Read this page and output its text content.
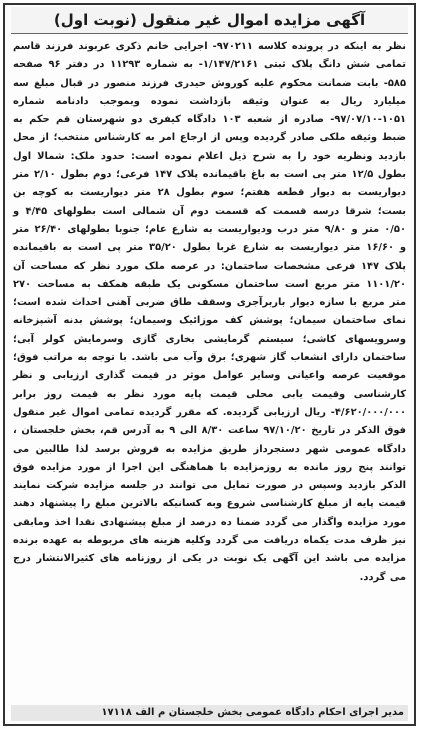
آگهی مزایده اموال غیر منقول (نوبت اول)

نظر به اینکه در پرونده کلاسه ۹۷۰۲۱۱- اجرایی خانم ذکری عربوند فرزند قاسم تمامی شش دانگ پلاک ثبتی ۱/۱۴۷/۲۱۶۱- به شماره ۱۱۲۹۳ در دفتر ۹۶ صفحه ۵۸۵- بابت ضمانت محکوم علیه کوروش حیدری فرزند منصور در قبال مبلغ سه میلیارد ریال به عنوان وثیقه بازداشت نموده وبموجب دادنامه شماره ۱۰۵۱-۹۷/۰۷/۱۰- صادره از شعبه ۱۰۳ دادگاه کیفری دو شهرستان قم حکم به ضبط وثیقه ملکی صادر گردیده وپس از ارجاع امر به کارشناس منتخب؛ از محل بازدید ونظریه خود را به شرح ذیل اعلام نموده است: حدود ملک: شمالا اول بطول ۱۲/۵ متر پی است به باغ باقیمانده پلاک ۱۴۷ فرعی؛ دوم بطول ۲/۱۰ متر دیواریست به دیوار قطعه هفتم؛ سوم بطول ۲۸ متر دیواریست به کوچه بن بست؛ شرقا درسه قسمت که قسمت دوم آن شمالی است بطولهای ۴/۴۵ و ۰/۵۰ متر و ۹/۸۰ متر درب ودیواریست به شارع عام؛ جنوبا بطولهای ۲۶/۴۰ متر و ۱۶/۶۰ متر دیواریست به شارع غربا بطول ۳۵/۲۰ متر پی است به باقیمانده پلاک ۱۴۷ فرعی مشخصات ساختمان: در عرصه ملک مورد نظر که مساحت آن ۱۱۰۱/۲۰ متر مربع است ساختمان مسکونی یک طبقه همکف به مساحت ۲۷۰ متر مربع با سازه دیوار باربرآجری وسقف طاق ضربی آهنی احداث شده است؛ نمای ساختمان سیمان؛ پوشش کف موزائیک وسیمان؛ پوشش بدنه آشپزخانه وسرویسهای کاشی؛ سیستم گرمایشی بخاری گازی وسرمایش کولر آبی؛ ساختمان دارای انشعاب گاز شهری؛ برق وآب می باشد. با توجه به مراتب فوق؛ موقعیت عرصه واعیانی وسایر عوامل موثر در قیمت گذاری ارزیابی و نظر کارشناسی وقیمت یابی محلی قیمت پایه مورد نظر به قیمت روز برابر ۴/۶۲۰/۰۰۰/۰۰۰- ریال ارزیابی گردیده. که مقرر گردیده تمامی اموال غیر منقول فوق الذکر در تاریخ ۹۷/۱۰/۲۰ ساعت ۸/۳۰ الی ۹ به آدرس قم، بخش خلجستان ، دادگاه عمومی شهر دستجرداز طریق مزایده به فروش برسد لذا طالبین می توانند پنج روز مانده به روزمزایده با هماهنگی این اجرا از مورد مزایده فوق الذکر بازدید وسپس در صورت تمایل می توانند در جلسه مزایده شرکت نمایند قیمت پایه از مبلغ کارشناسی شروع وبه کسانیکه بالاترین مبلغ را پیشنهاد دهند مورد مزایده واگذار می گردد ضمنا ده درصد از مبلغ پیشنهادی نقدا اخذ ومابقی نیز ظرف مدت یکماه دریافت می گردد وکلیه هزینه های مربوطه به عهده برنده مزایده می باشد این آگهی یک نوبت در یکی از روزنامه های کثیرالانتشار درج می گردد.

مدیر اجرای احکام دادگاه عمومی بخش خلجستان م الف ۱۷۱۱۸
